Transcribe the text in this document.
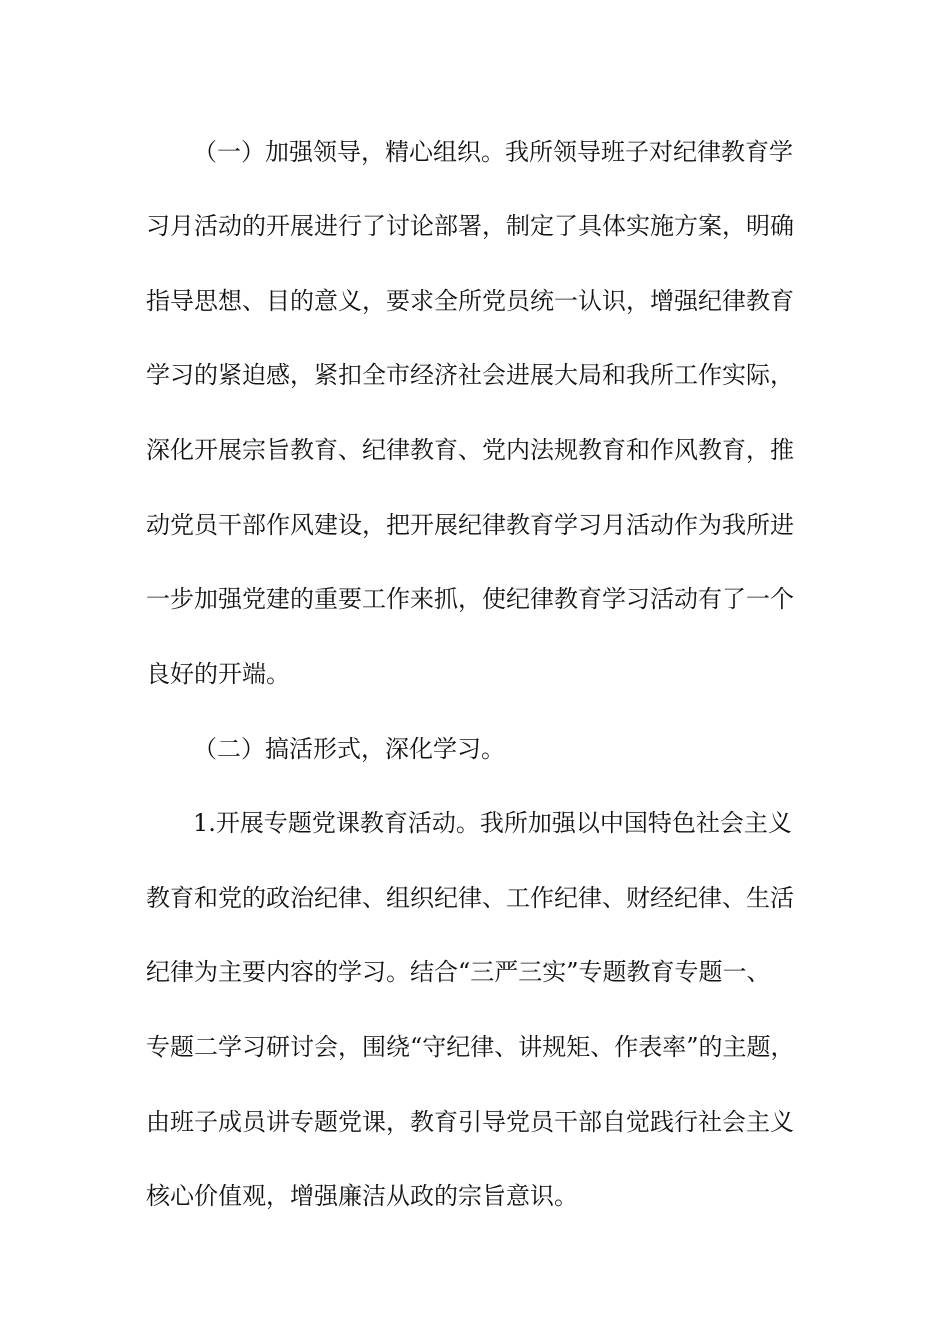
（一）加强领导，精心组织。我所领导班子对纪律教育学
习月活动的开展进行了讨论部署，制定了具体实施方案，明确
指导思想、目的意义，要求全所党员统一认识，增强纪律教育
学习的紧迫感，紧扣全市经济社会进展大局和我所工作实际，
深化开展宗旨教育、纪律教育、党内法规教育和作风教育，推
动党员干部作风建设，把开展纪律教育学习月活动作为我所进
一步加强党建的重要工作来抓，使纪律教育学习活动有了一个
良好的开端。
（二）搞活形式，深化学习。
1.开展专题党课教育活动。我所加强以中国特色社会主义
教育和党的政治纪律、组织纪律、工作纪律、财经纪律、生活
纪律为主要内容的学习。结合“三严三实”专题教育专题一、
专题二学习研讨会，围绕“守纪律、讲规矩、作表率”的主题，
由班子成员讲专题党课，教育引导党员干部自觉践行社会主义
核心价值观，增强廉洁从政的宗旨意识。
